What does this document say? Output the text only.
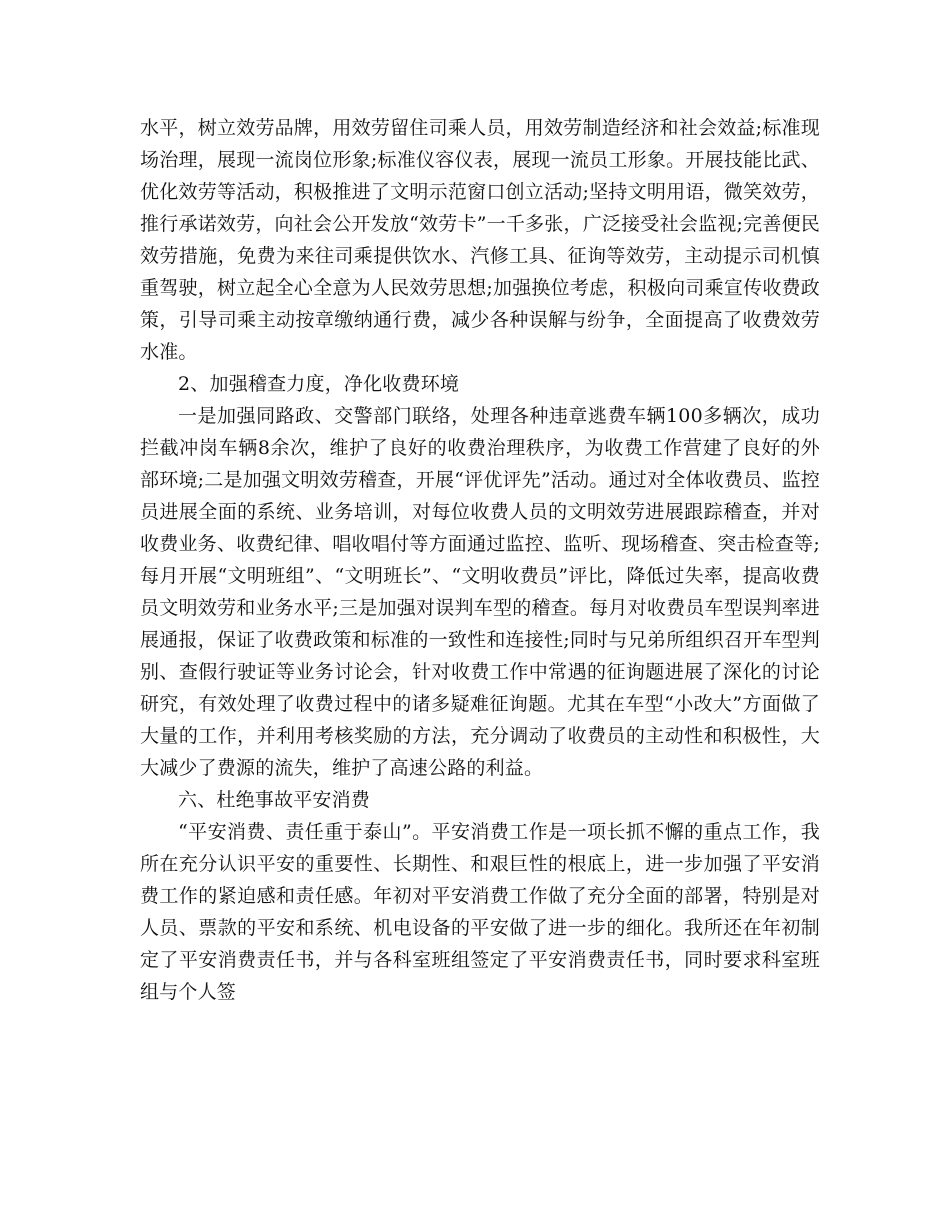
水平，树立效劳品牌，用效劳留住司乘人员，用效劳制造经济和社会效益;标准现场治理，展现一流岗位形象;标准仪容仪表，展现一流员工形象。开展技能比武、优化效劳等活动，积极推进了文明示范窗口创立活动;坚持文明用语，微笑效劳，推行承诺效劳，向社会公开发放“效劳卡”一千多张，广泛接受社会监视;完善便民效劳措施，免费为来往司乘提供饮水、汽修工具、征询等效劳，主动提示司机慎重驾驶，树立起全心全意为人民效劳思想;加强换位考虑，积极向司乘宣传收费政策，引导司乘主动按章缴纳通行费，减少各种误解与纷争，全面提高了收费效劳水准。

2、加强稽查力度，净化收费环境

一是加强同路政、交警部门联络，处理各种违章逃费车辆100多辆次，成功拦截冲岗车辆8余次，维护了良好的收费治理秩序，为收费工作营建了良好的外部环境;二是加强文明效劳稽查，开展“评优评先”活动。通过对全体收费员、监控员进展全面的系统、业务培训，对每位收费人员的文明效劳进展跟踪稽查，并对收费业务、收费纪律、唱收唱付等方面通过监控、监听、现场稽查、突击检查等;每月开展“文明班组”、“文明班长”、“文明收费员”评比，降低过失率，提高收费员文明效劳和业务水平;三是加强对误判车型的稽查。每月对收费员车型误判率进展通报，保证了收费政策和标准的一致性和连接性;同时与兄弟所组织召开车型判别、查假行驶证等业务讨论会，针对收费工作中常遇的征询题进展了深化的讨论研究，有效处理了收费过程中的诸多疑难征询题。尤其在车型“小改大”方面做了大量的工作，并利用考核奖励的方法，充分调动了收费员的主动性和积极性，大大减少了费源的流失，维护了高速公路的利益。

六、杜绝事故平安消费

“平安消费、责任重于泰山”。平安消费工作是一项长抓不懈的重点工作，我所在充分认识平安的重要性、长期性、和艰巨性的根底上，进一步加强了平安消费工作的紧迫感和责任感。年初对平安消费工作做了充分全面的部署，特别是对人员、票款的平安和系统、机电设备的平安做了进一步的细化。我所还在年初制定了平安消费责任书，并与各科室班组签定了平安消费责任书，同时要求科室班组与个人签
